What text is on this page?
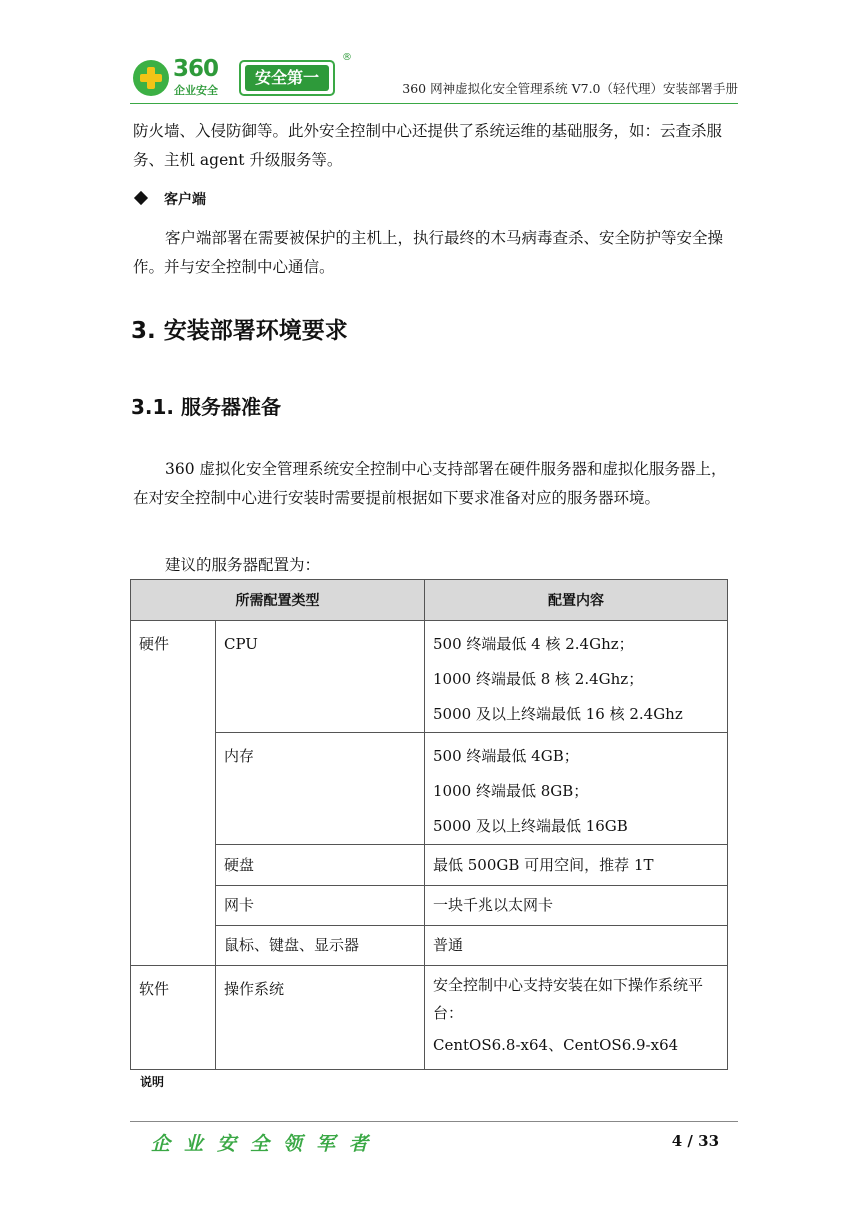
360
企业安全
安全第一
®
360 网神虚拟化安全管理系统 V7.0（轻代理）安装部署手册
防火墙、入侵防御等。此外安全控制中心还提供了系统运维的基础服务，如：云查杀服务、主机 agent 升级服务等。
客户端
客户端部署在需要被保护的主机上，执行最终的木马病毒查杀、安全防护等安全操作。并与安全控制中心通信。
3. 安装部署环境要求
3.1. 服务器准备
360 虚拟化安全管理系统安全控制中心支持部署在硬件服务器和虚拟化服务器上，在对安全控制中心进行安装时需要提前根据如下要求准备对应的服务器环境。
建议的服务器配置为：
所需配置类型		配置内容

硬件	CPU	500 终端最低 4 核 2.4Ghz；
1000 终端最低 8 核 2.4Ghz；
5000 及以上终端最低 16 核 2.4Ghz

	内存	500 终端最低 4GB；
1000 终端最低 8GB；
5000 及以上终端最低 16GB

	硬盘	最低 500GB 可用空间，推荐 1T

	网卡	一块千兆以太网卡

	鼠标、键盘、显示器	普通

软件	操作系统	安全控制中心支持安装在如下操作系统平台：
CentOS6.8-x64、CentOS6.9-x64
说明
企业安全领军者	4 / 33
